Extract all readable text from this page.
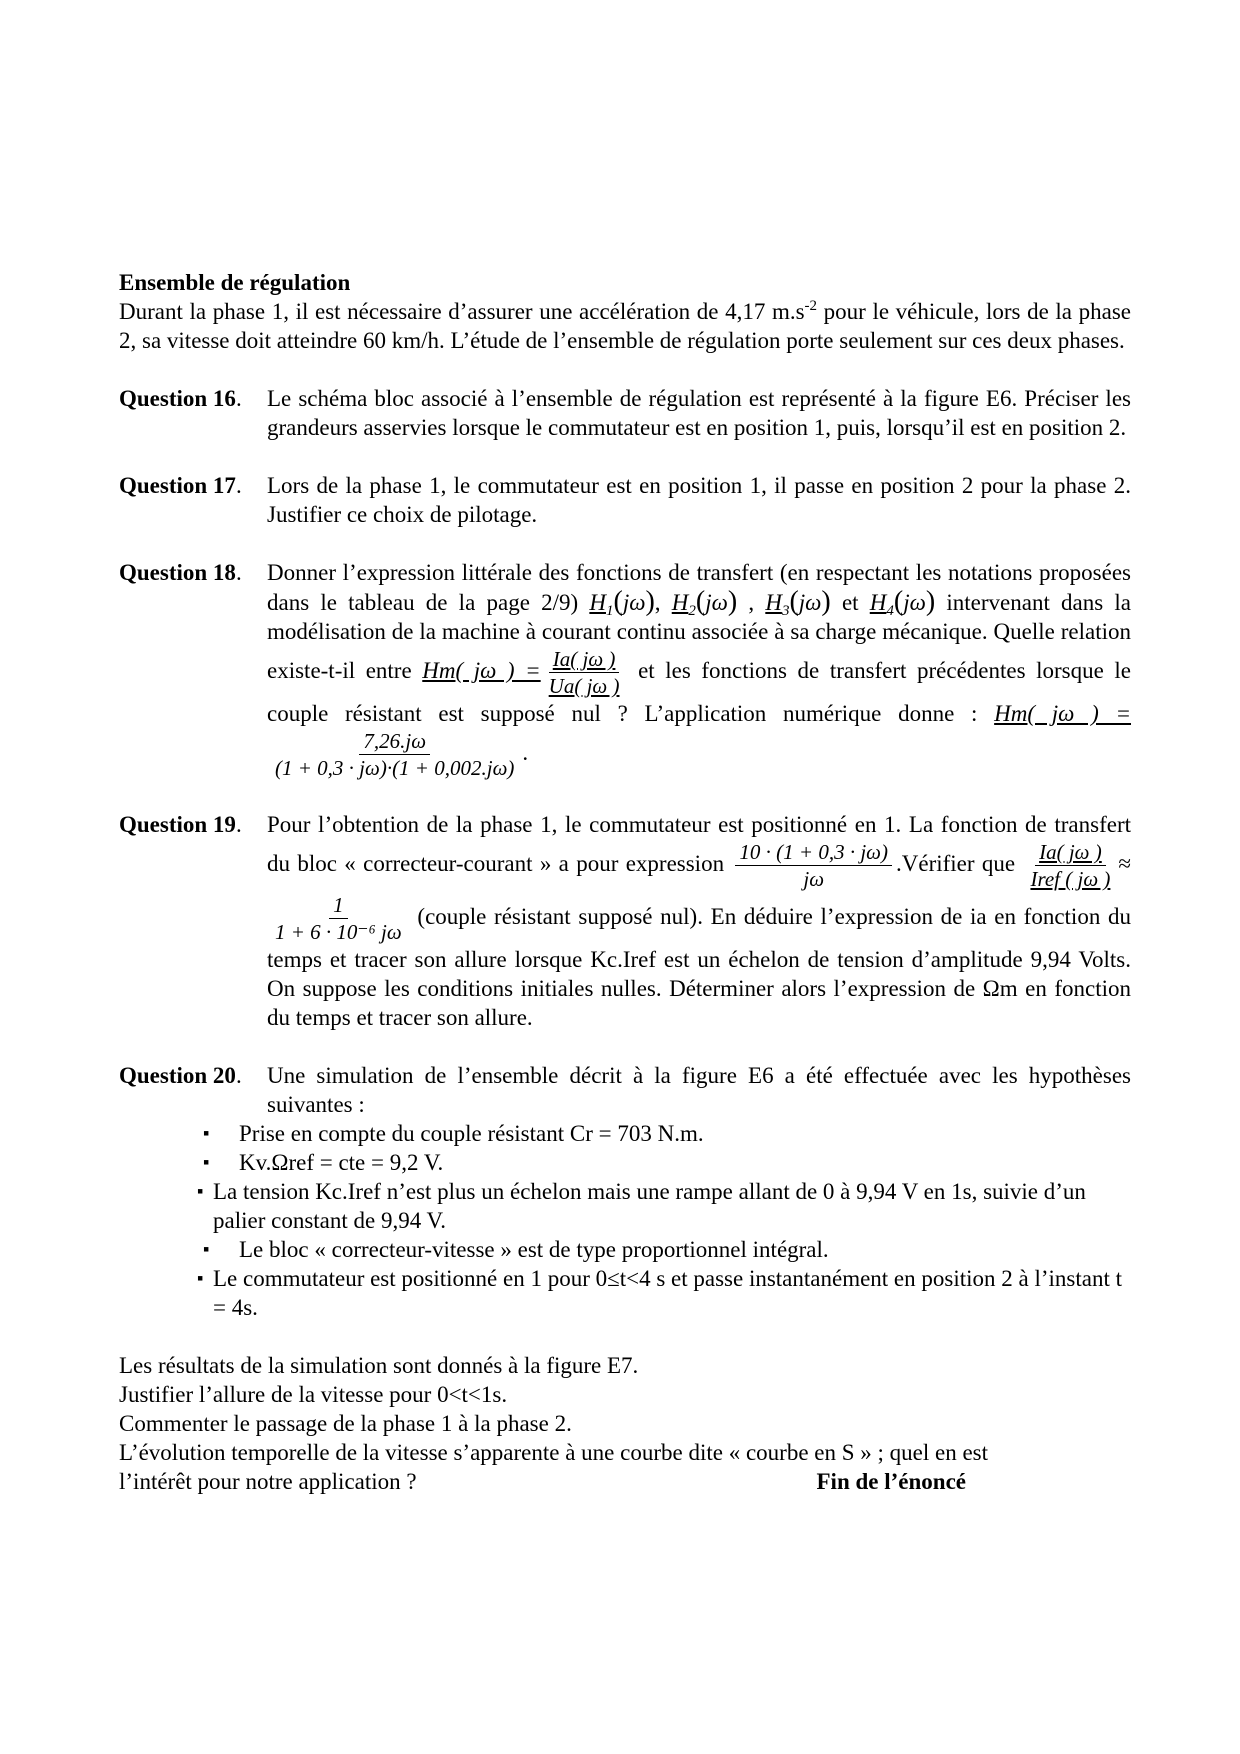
Ensemble de régulation

Durant la phase 1, il est nécessaire d’assurer une accélération de 4,17 $m.s^{-2}$ pour le véhicule, lors de la phase 2, sa vitesse doit atteindre 60 km/h. L’étude de l’ensemble de régulation porte seulement sur ces deux phases.

Question 16.	Le schéma bloc associé à l’ensemble de régulation est représenté à la figure E6. Préciser les grandeurs asservies lorsque le commutateur est en position 1, puis, lorsqu’il est en position 2.
Question 17.	Lors de la phase 1, le commutateur est en position 1, il passe en position 2 pour la phase 2. Justifier ce choix de pilotage.
Question 18.	Donner l’expression littérale des fonctions de transfert (en respectant les notations proposées dans le tableau de la page 2/9) $H_1(j\omega)$, $H_2(j\omega)$ , $H_3(j\omega)$ et $H_4(j\omega)$ intervenant dans la modélisation de la machine à courant continu associée à sa charge mécanique. Quelle relation existe-t-il entre Hm( jω ) = $\frac{Ia( j\omega )}{Ua( j\omega )}$ et les fonctions de transfert précédentes lorsque le couple résistant est supposé nul ? L’application numérique donne : Hm( jω ) =
$\frac{7,26.j\omega}{(1 + 0,3 \cdot j\omega)\cdot(1 + 0,002.j\omega)}$ .
Question 19.	Pour l’obtention de la phase 1, le commutateur est positionné en 1. La fonction de transfert du bloc « correcteur-courant » a pour expression $\frac{10 \cdot (1 + 0,3 \cdot j\omega)}{j\omega}$ .Vérifier que $\frac{Ia( j\omega )}{\text{Iref ( jω )}}$ ≈
$\frac{1}{\text{1 + 6 · 10⁻⁶ jω}}$ (couple résistant supposé nul). En déduire l’expression de ia en fonction du temps et tracer son allure lorsque Kc.Iref est un échelon de tension d’amplitude 9,94 Volts. On suppose les conditions initiales nulles. Déterminer alors l’expression de Ωm en fonction du temps et tracer son allure.
Question 20.	Une simulation de l’ensemble décrit à la figure E6 a été effectuée avec les hypothèses suivantes :
▪ Prise en compte du couple résistant Cr = 703 N.m.
▪ Kv.Ωref = cte = 9,2 V.
▪ La tension Kc.Iref n’est plus un échelon mais une rampe allant de 0 à 9,94 V en 1s, suivie d’un palier constant de 9,94 V.
▪ Le bloc « correcteur-vitesse » est de type proportionnel intégral.
▪ Le commutateur est positionné en 1 pour 0≤t<4 s et passe instantanément en position 2 à l’instant t = 4s.

Les résultats de la simulation sont donnés à la figure E7.

Justifier l’allure de la vitesse pour 0<t<1s.

Commenter le passage de la phase 1 à la phase 2.

L’évolution temporelle de la vitesse s’apparente à une courbe dite « courbe en S » ; quel en est

l’intérêt pour notre application ?	Fin de l’énoncé
